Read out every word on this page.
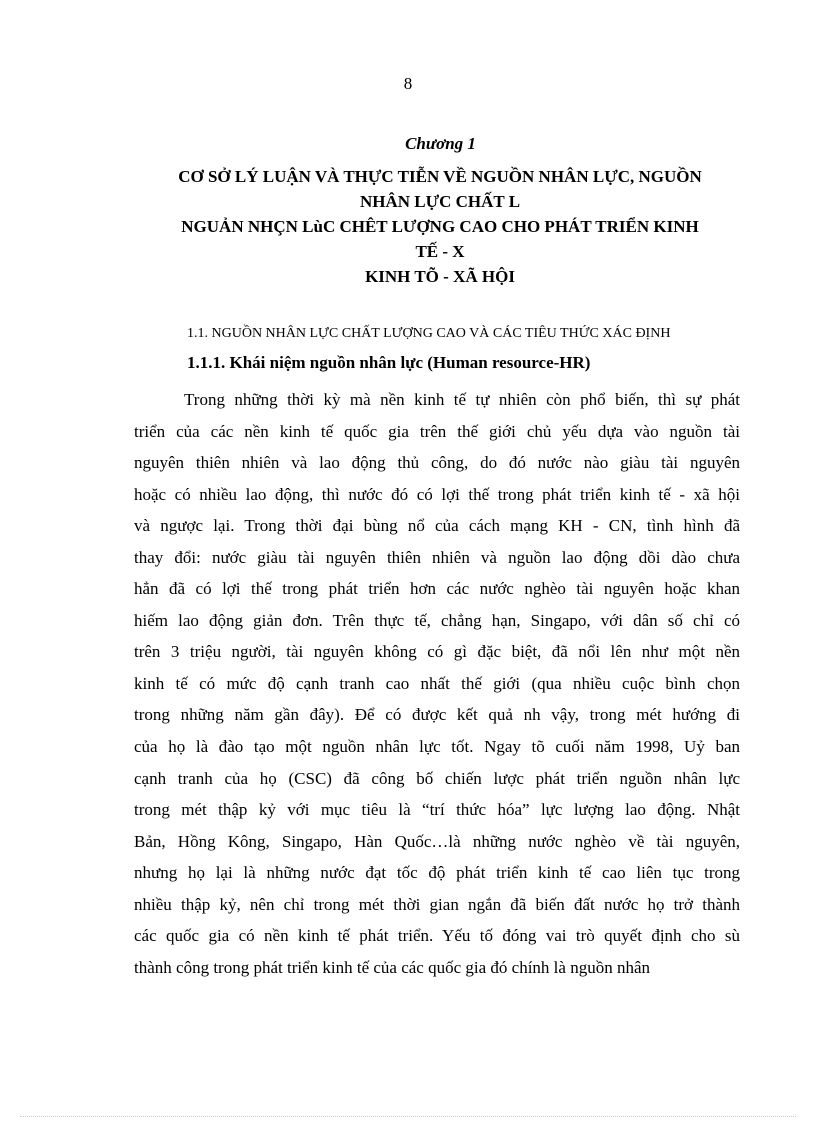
8
Chương 1
CƠ SỞ LÝ LUẬN VÀ THỰC TIỄN VỀ NGUỒN NHÂN LỰC, NGUỒN
NHÂN LỰC CHẤT L
NGUẢN NHÇN LùC CHÊT LƯỢNG CAO CHO PHÁT TRIỂN KINH
TẾ - X
KINH TÕ - XÃ HỘI
1.1. NGUỒN NHÂN LỰC CHẤT LƯỢNG CAO VÀ CÁC TIÊU THỨC XÁC ĐỊNH
1.1.1. Khái niệm nguồn nhân lực (Human resource-HR)
Trong những thời kỳ mà nền kinh tế tự nhiên còn phổ biến, thì sự phát
triển của các nền kinh tế quốc gia trên thế giới chủ yếu dựa vào nguồn tài
nguyên thiên nhiên và lao động thủ công, do đó nước nào giàu tài nguyên
hoặc có nhiều lao động, thì nước đó có lợi thế trong phát triển kinh tế - xã hội
và ngược lại. Trong thời đại bùng nổ của cách mạng KH - CN, tình hình đã
thay đổi: nước giàu tài nguyên thiên nhiên và nguồn lao động dồi dào chưa
hẳn đã có lợi thế trong phát triển hơn các nước nghèo tài nguyên hoặc khan
hiếm lao động giản đơn. Trên thực tế, chẳng hạn, Singapo, với dân số chỉ có
trên 3 triệu người, tài nguyên không có gì đặc biệt, đã nổi lên như một nền
kinh tế có mức độ cạnh tranh cao nhất thế giới (qua nhiều cuộc bình chọn
trong những năm gần đây). Để có được kết quả nh vậy, trong mét hướng đi
của họ là đào tạo một nguồn nhân lực tốt. Ngay tõ cuối năm 1998, Uỷ ban
cạnh tranh của họ (CSC) đã công bố chiến lược phát triển nguồn nhân lực
trong mét thập kỷ với mục tiêu là “trí thức hóa” lực lượng lao động. Nhật
Bản, Hồng Kông, Singapo, Hàn Quốc…là những nước nghèo về tài nguyên,
nhưng họ lại là những nước đạt tốc độ phát triển kinh tế cao liên tục trong
nhiều thập kỷ, nên chỉ trong mét thời gian ngắn đã biến đất nước họ trở thành
các quốc gia có nền kinh tế phát triển. Yếu tố đóng vai trò quyết định cho sù
thành công trong phát triển kinh tế của các quốc gia đó chính là nguồn nhân
